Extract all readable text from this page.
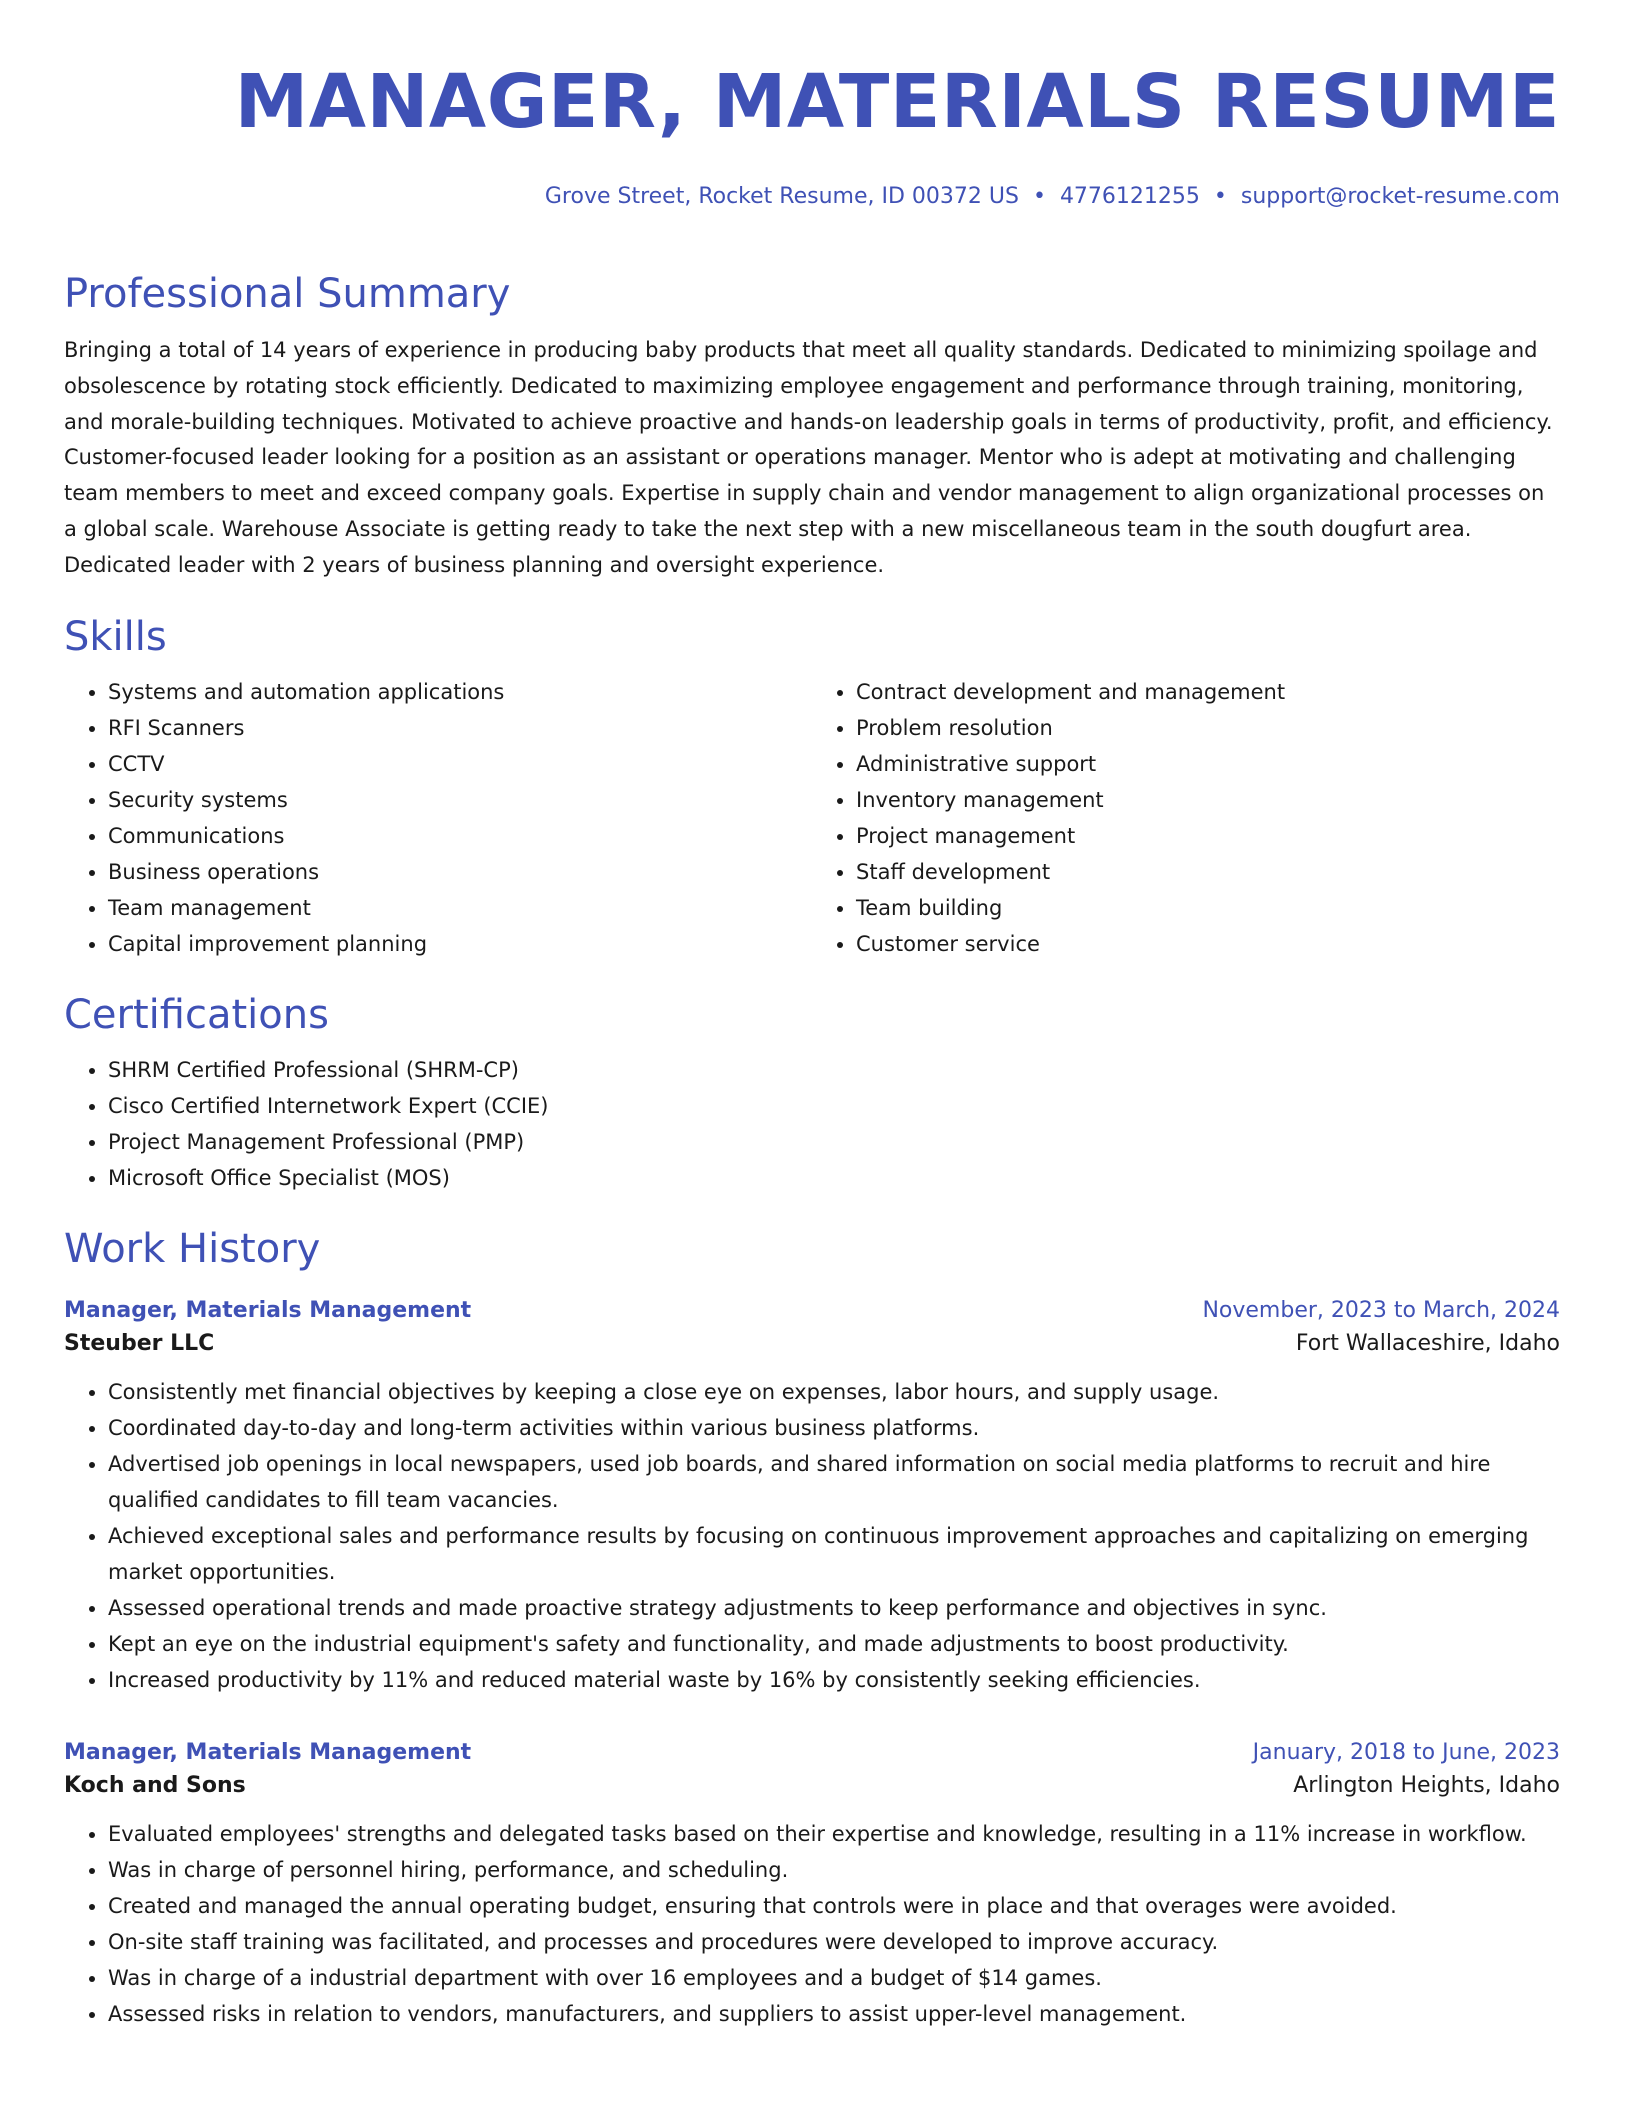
MANAGER, MATERIALS RESUME
Grove Street, Rocket Resume, ID 00372 US • 4776121255 • support@rocket-resume.com
Professional Summary

Bringing a total of 14 years of experience in producing baby products that meet all quality standards. Dedicated to minimizing spoilage and obsolescence by rotating stock efficiently. Dedicated to maximizing employee engagement and performance through training, monitoring, and morale-building techniques. Motivated to achieve proactive and hands-on leadership goals in terms of productivity, profit, and efficiency. Customer-focused leader looking for a position as an assistant or operations manager. Mentor who is adept at motivating and challenging team members to meet and exceed company goals. Expertise in supply chain and vendor management to align organizational processes on a global scale. Warehouse Associate is getting ready to take the next step with a new miscellaneous team in the south dougfurt area. Dedicated leader with 2 years of business planning and oversight experience.

Skills
• Systems and automation applications
• RFI Scanners
• CCTV
• Security systems
• Communications
• Business operations
• Team management
• Capital improvement planning
• Contract development and management
• Problem resolution
• Administrative support
• Inventory management
• Project management
• Staff development
• Team building
• Customer service
Certifications
• SHRM Certified Professional (SHRM-CP)
• Cisco Certified Internetwork Expert (CCIE)
• Project Management Professional (PMP)
• Microsoft Office Specialist (MOS)
Work History
Manager, Materials Management	November, 2023 to March, 2024
Steuber LLC	Fort Wallaceshire, Idaho
• Consistently met financial objectives by keeping a close eye on expenses, labor hours, and supply usage.
• Coordinated day-to-day and long-term activities within various business platforms.
• Advertised job openings in local newspapers, used job boards, and shared information on social media platforms to recruit and hire qualified candidates to fill team vacancies.
• Achieved exceptional sales and performance results by focusing on continuous improvement approaches and capitalizing on emerging market opportunities.
• Assessed operational trends and made proactive strategy adjustments to keep performance and objectives in sync.
• Kept an eye on the industrial equipment's safety and functionality, and made adjustments to boost productivity.
• Increased productivity by 11% and reduced material waste by 16% by consistently seeking efficiencies.
Manager, Materials Management	January, 2018 to June, 2023
Koch and Sons	Arlington Heights, Idaho
• Evaluated employees' strengths and delegated tasks based on their expertise and knowledge, resulting in a 11% increase in workflow.
• Was in charge of personnel hiring, performance, and scheduling.
• Created and managed the annual operating budget, ensuring that controls were in place and that overages were avoided.
• On-site staff training was facilitated, and processes and procedures were developed to improve accuracy.
• Was in charge of a industrial department with over 16 employees and a budget of $14 games.
• Assessed risks in relation to vendors, manufacturers, and suppliers to assist upper-level management.
